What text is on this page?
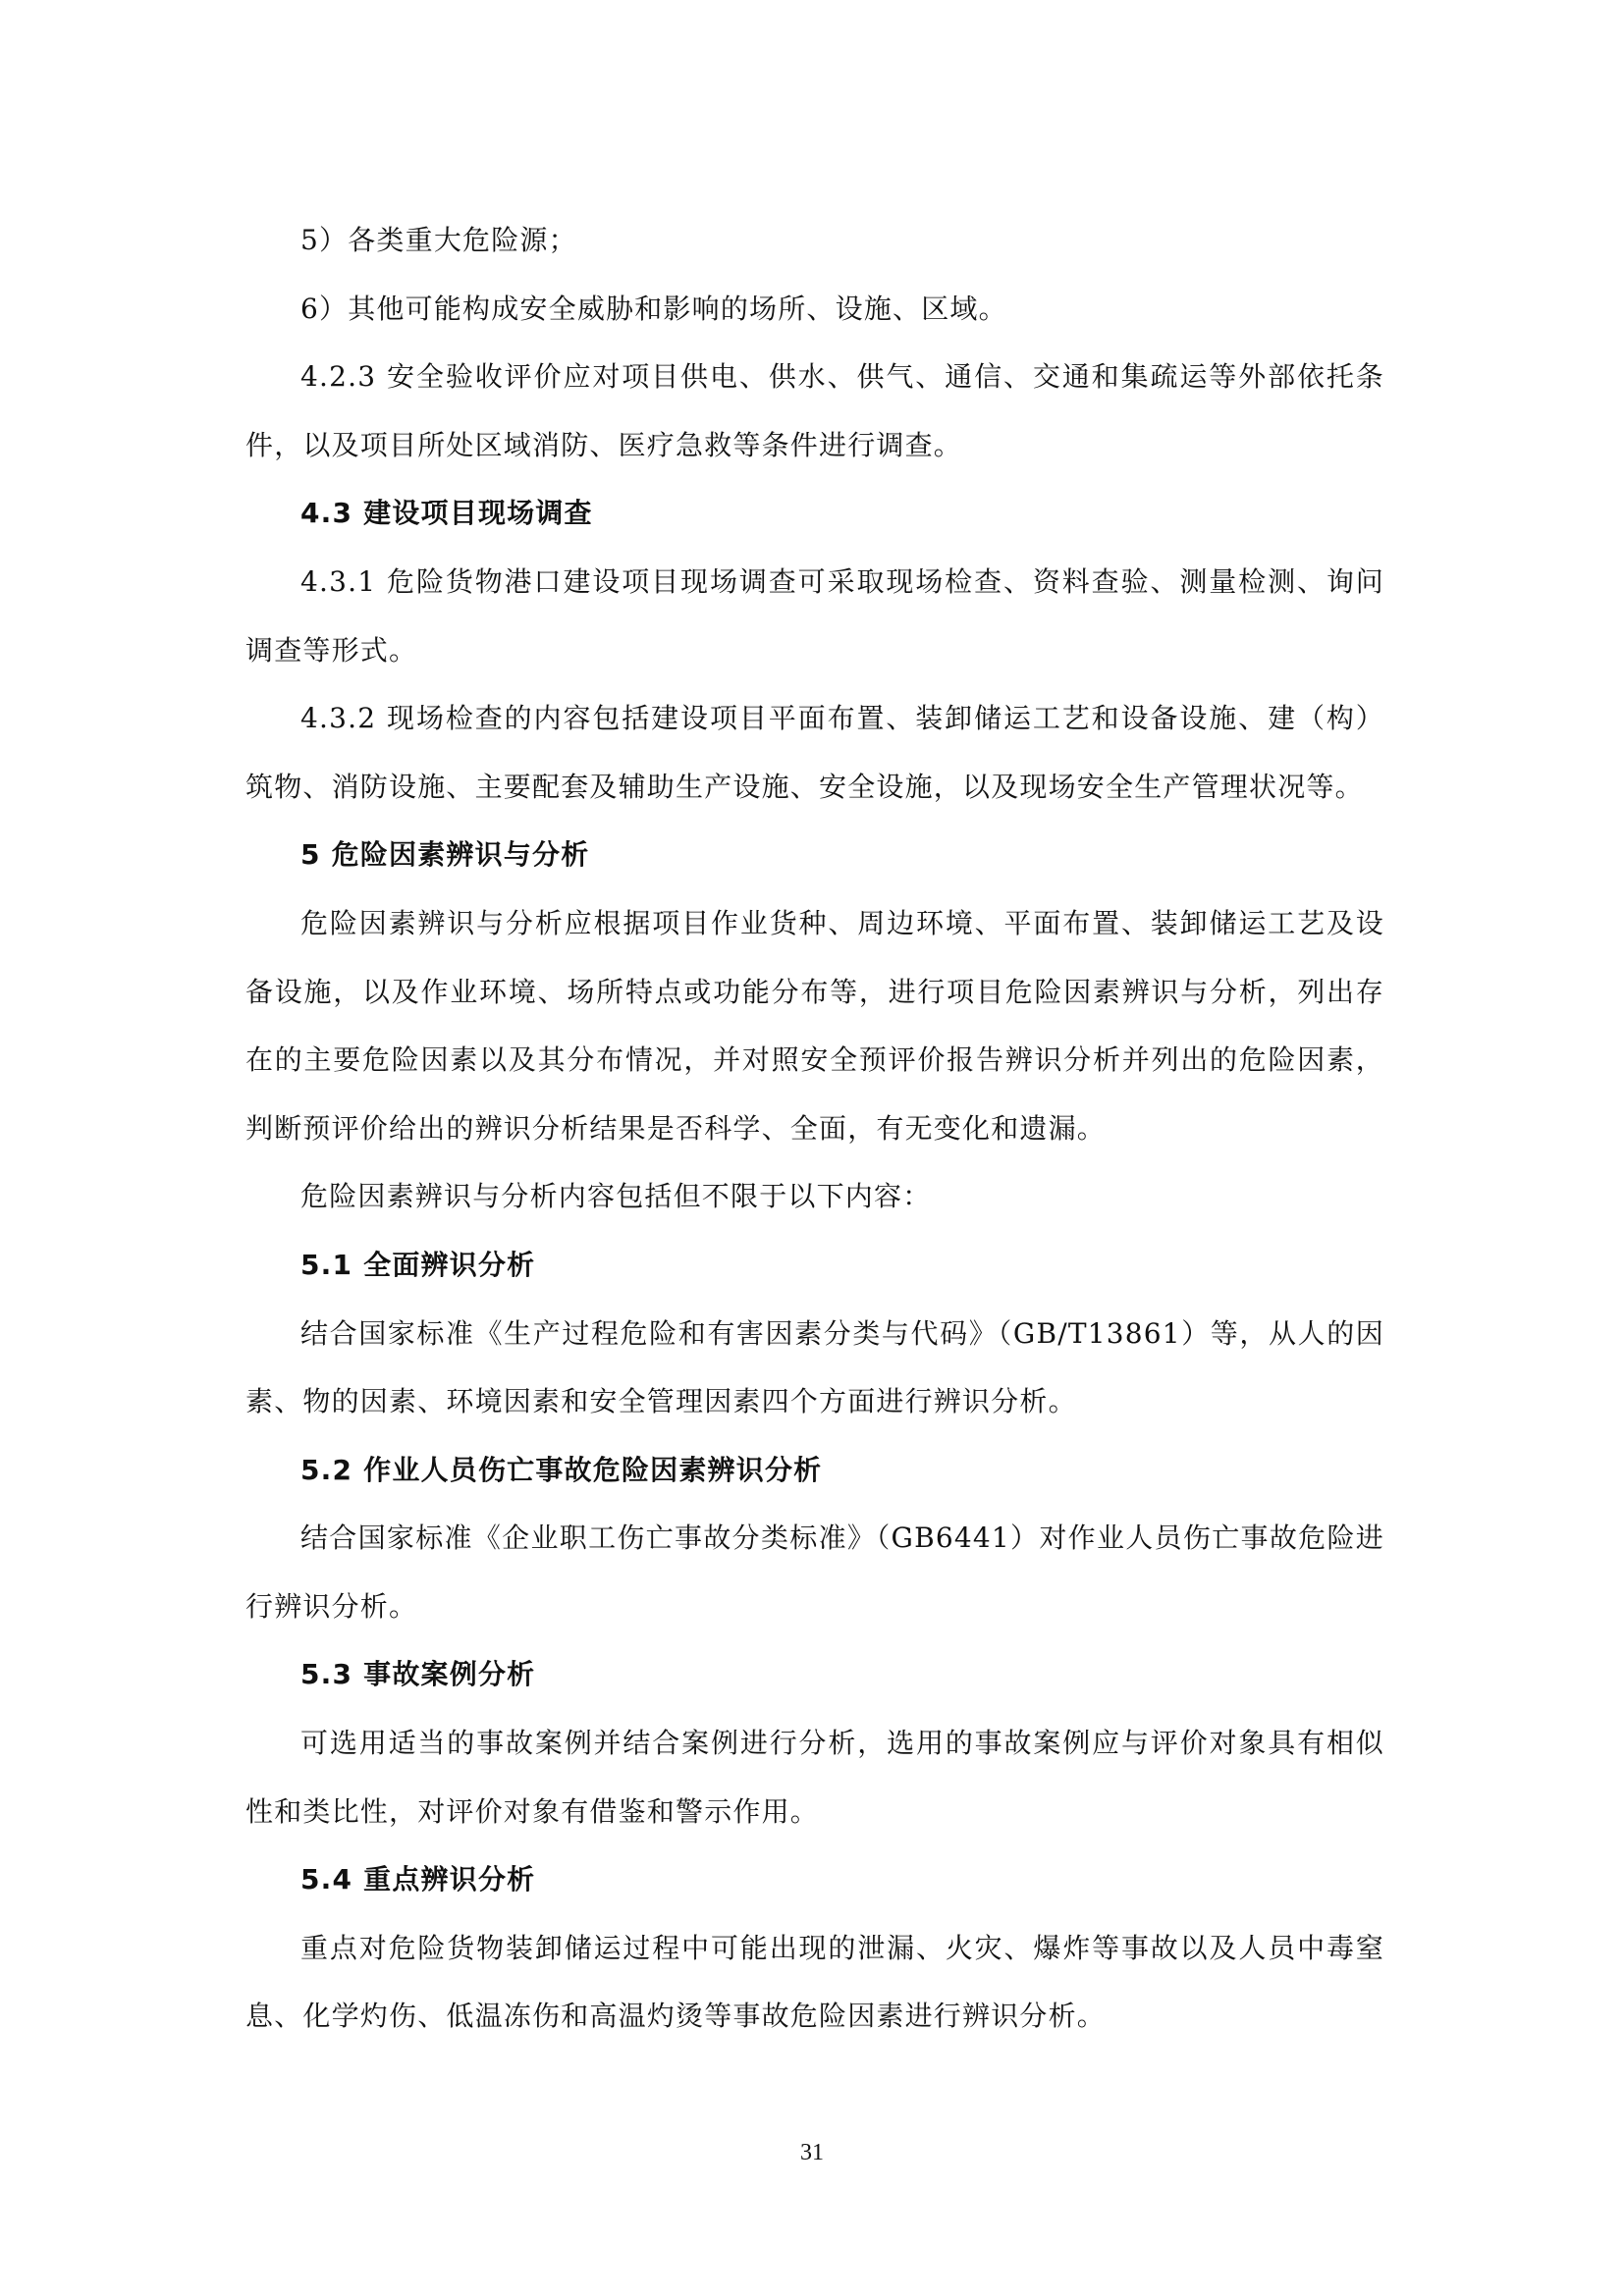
5）各类重大危险源；

6）其他可能构成安全威胁和影响的场所、设施、区域。

4.2.3 安全验收评价应对项目供电、供水、供气、通信、交通和集疏运等外部依托条件，以及项目所处区域消防、医疗急救等条件进行调查。

4.3 建设项目现场调查

4.3.1 危险货物港口建设项目现场调查可采取现场检查、资料查验、测量检测、询问调查等形式。

4.3.2 现场检查的内容包括建设项目平面布置、装卸储运工艺和设备设施、建（构）筑物、消防设施、主要配套及辅助生产设施、安全设施，以及现场安全生产管理状况等。

5 危险因素辨识与分析

危险因素辨识与分析应根据项目作业货种、周边环境、平面布置、装卸储运工艺及设备设施，以及作业环境、场所特点或功能分布等，进行项目危险因素辨识与分析，列出存在的主要危险因素以及其分布情况，并对照安全预评价报告辨识分析并列出的危险因素，判断预评价给出的辨识分析结果是否科学、全面，有无变化和遗漏。

危险因素辨识与分析内容包括但不限于以下内容：

5.1 全面辨识分析

结合国家标准《生产过程危险和有害因素分类与代码》（GB/T13861）等，从人的因素、物的因素、环境因素和安全管理因素四个方面进行辨识分析。

5.2 作业人员伤亡事故危险因素辨识分析

结合国家标准《企业职工伤亡事故分类标准》（GB6441）对作业人员伤亡事故危险进行辨识分析。

5.3 事故案例分析

可选用适当的事故案例并结合案例进行分析，选用的事故案例应与评价对象具有相似性和类比性，对评价对象有借鉴和警示作用。

5.4 重点辨识分析

重点对危险货物装卸储运过程中可能出现的泄漏、火灾、爆炸等事故以及人员中毒窒息、化学灼伤、低温冻伤和高温灼烫等事故危险因素进行辨识分析。

31
